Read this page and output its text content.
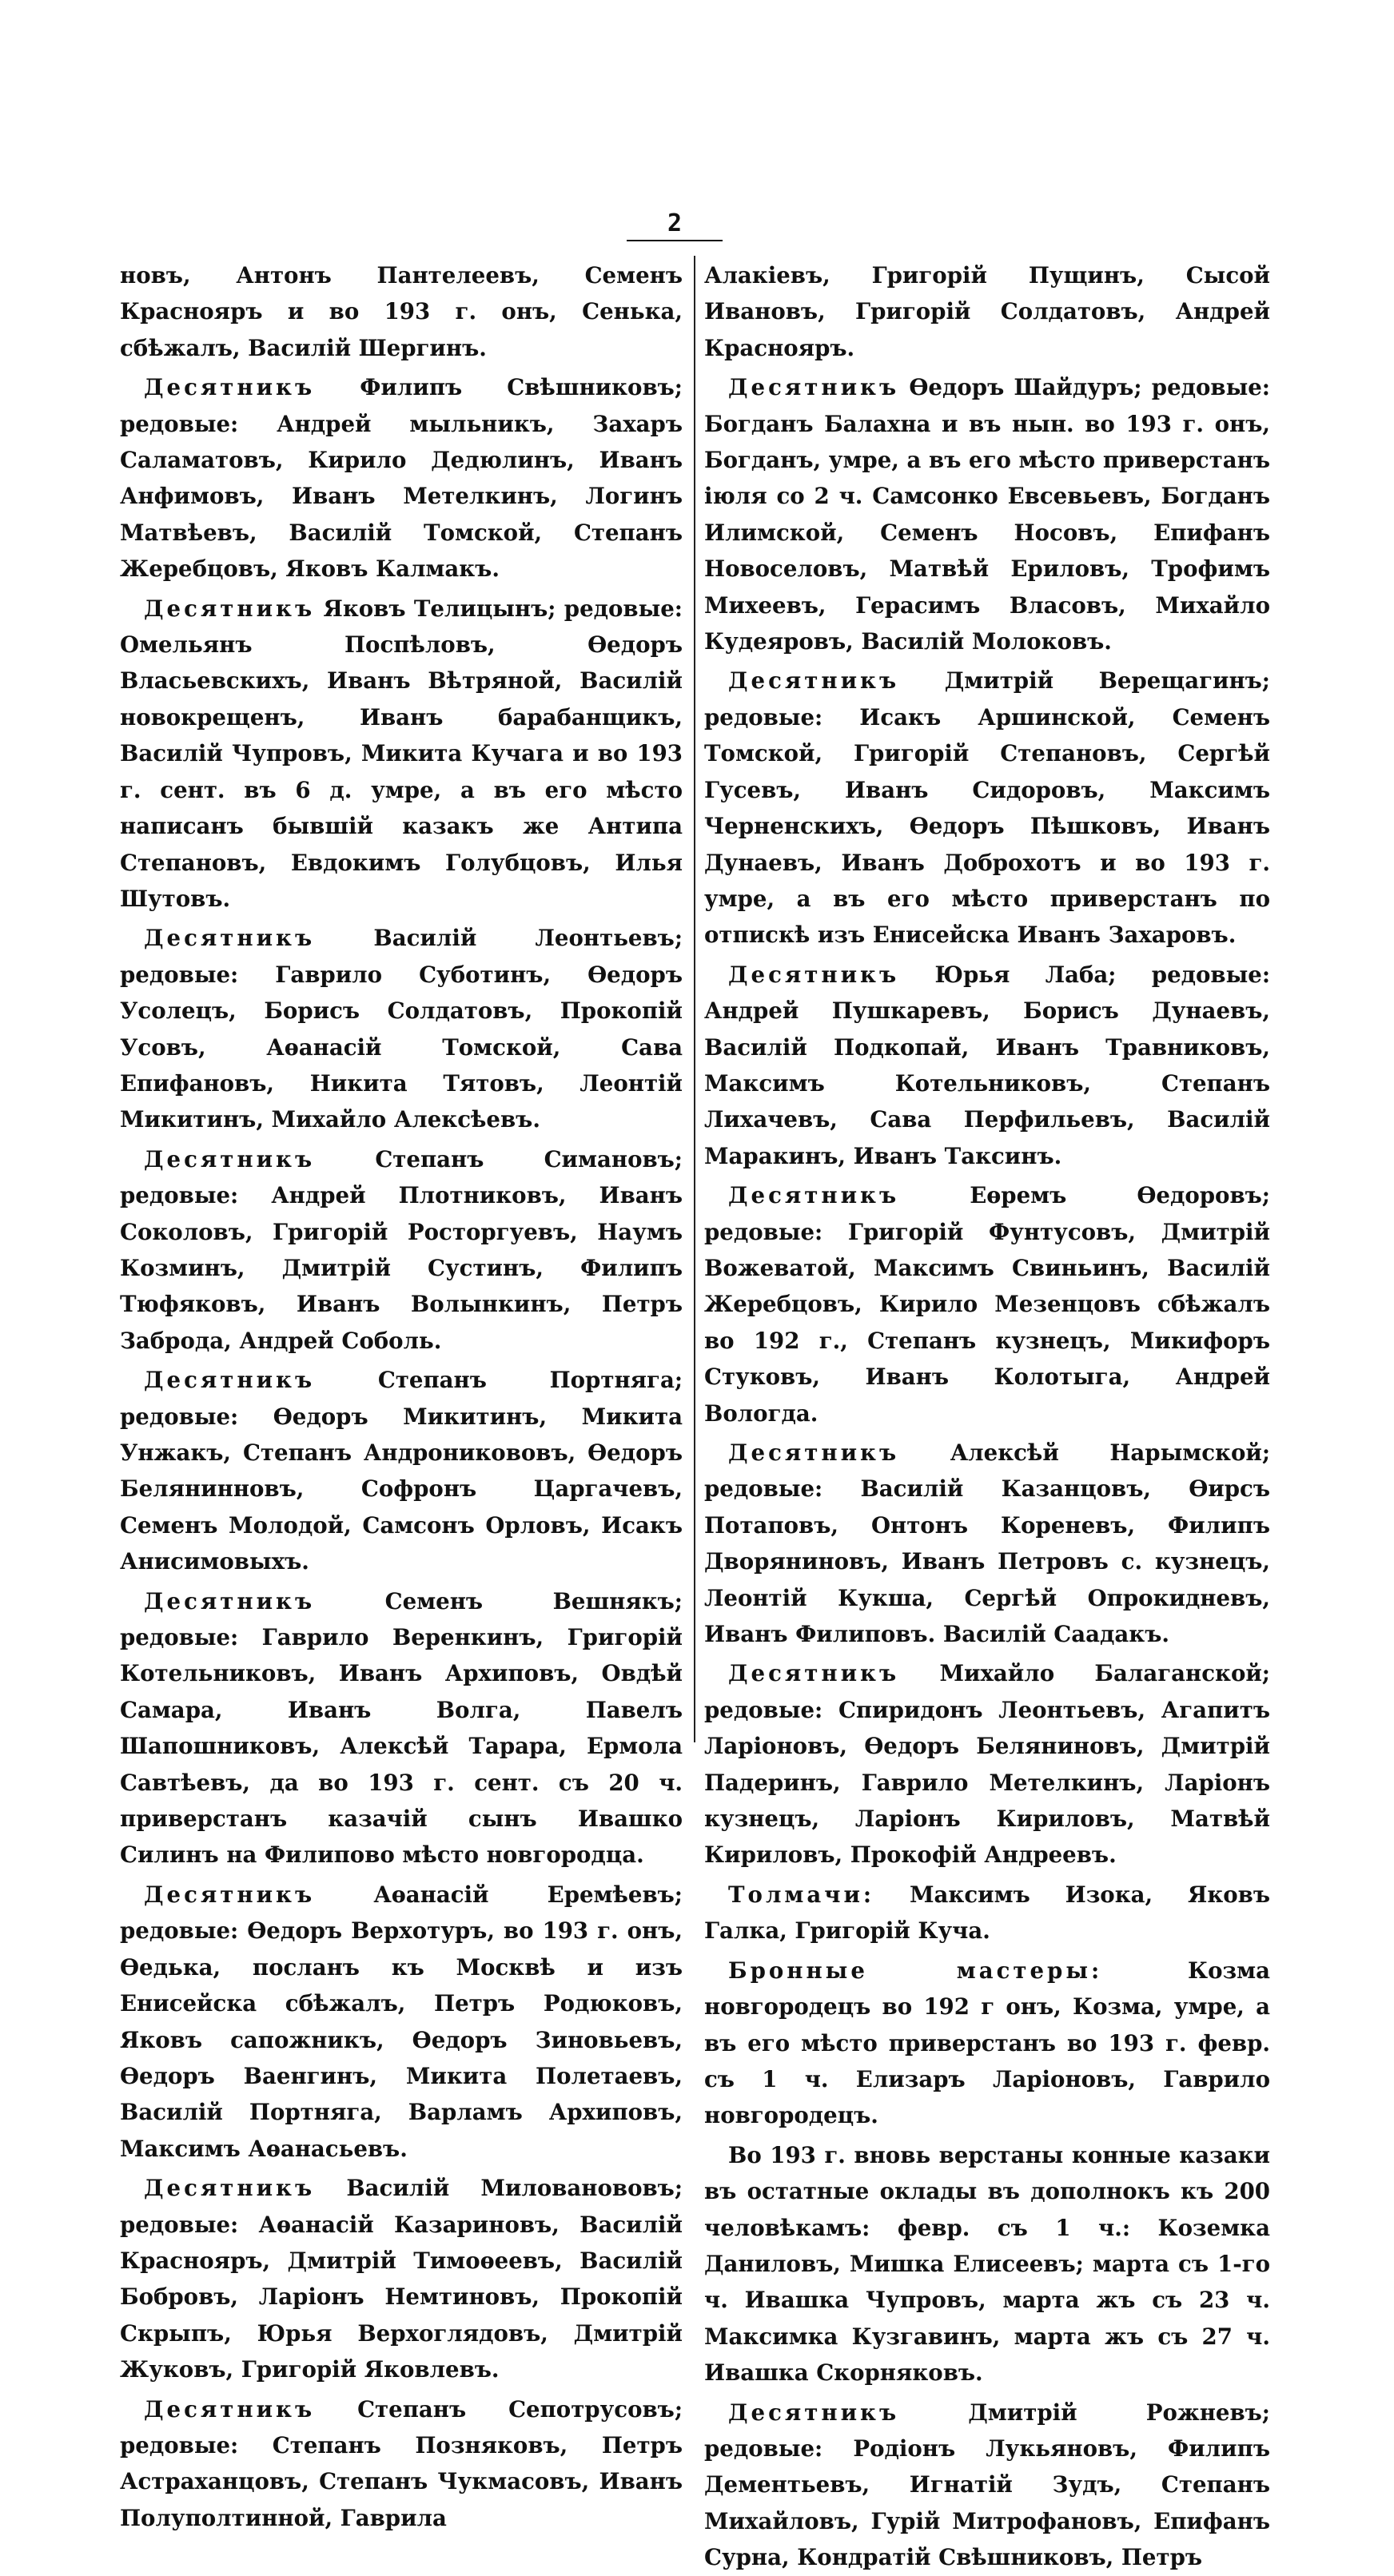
2

новъ, Антонъ Пантелеевъ, Семенъ Краснояръ и во 193 г. онъ, Сенька, сбѣжалъ, Василій Шергинъ.

Десятникъ Филипъ Свѣшниковъ; редовые: Андрей мыльникъ, Захаръ Саламатовъ, Кирило Дедюлинъ, Иванъ Анфимовъ, Иванъ Метелкинъ, Логинъ Матвѣевъ, Василій Томской, Степанъ Жеребцовъ, Яковъ Калмакъ.

Десятникъ Яковъ Телицынъ; редовые: Омельянъ Поспѣловъ, Ѳедоръ Власьевскихъ, Иванъ Вѣтряной, Василій новокрещенъ, Иванъ барабанщикъ, Василій Чупровъ, Микита Кучага и во 193 г. сент. въ 6 д. умре, а въ его мѣсто написанъ бывшій казакъ же Антипа Степановъ, Евдокимъ Голубцовъ, Илья Шутовъ.

Десятникъ	Василій Леонтьевъ; редовые: Гаврило Суботинъ, Ѳедоръ Усолецъ, Борисъ Солдатовъ, Прокопій Усовъ, Аѳанасій Томской, Сава Епифановъ, Никита Тятовъ, Леонтій Микитинъ, Михайло Алексѣевъ.

Десятникъ	Степанъ Симановъ; редовые: Андрей Плотниковъ, Иванъ Соколовъ, Григорій Росторгуевъ, Наумъ Козминъ, Дмитрій Сустинъ, Филипъ Тюфяковъ, Иванъ Волынкинъ, Петръ Заброда, Андрей Соболь.

Десятникъ	Степанъ Портняга; редовые: Ѳедоръ Микитинъ, Микита Унжакъ, Степанъ Андроникововъ, Ѳедоръ Белянинновъ, Софронъ Царгачевъ, Семенъ Молодой, Самсонъ Орловъ, Исакъ Анисимовыхъ.

Десятникъ	Семенъ Вешнякъ; редовые: Гаврило Веренкинъ, Григорій Котельниковъ, Иванъ Архиповъ, Овдѣй Самара, Иванъ Волга, Павелъ Шапошниковъ, Алексѣй Тарара, Ермола Савтѣевъ, да во 193 г. сент. съ 20 ч. приверстанъ казачій сынъ Ивашко Силинъ на Филипово мѣсто новгородца.

Десятникъ	Аѳанасій Еремѣевъ; редовые: Ѳедоръ Верхотуръ, во 193 г. онъ, Ѳедька, посланъ къ Москвѣ и изъ Енисейска сбѣжалъ, Петръ Родюковъ, Яковъ сапожникъ, Ѳедоръ Зиновьевъ, Ѳедоръ Ваенгинъ, Микита Полетаевъ, Василій Портняга, Варламъ Архиповъ, Максимъ Аѳанасьевъ.

Десятникъ Василій Милованововъ; редовые: Аѳанасій Казариновъ, Василій Краснояръ, Дмитрій Тимоѳеевъ, Василій Бобровъ, Ларіонъ Немтиновъ, Прокопій Скрыпъ, Юрья Верхоглядовъ, Дмитрій Жуковъ, Григорій Яковлевъ.

Десятникъ Степанъ Сепотрусовъ; редовые: Степанъ Позняковъ, Петръ Астраханцовъ, Степанъ Чукмасовъ, Иванъ Полуполтинной, Гаврила

Алакіевъ, Григорій Пущинъ, Сысой Ивановъ, Григорій Солдатовъ, Андрей Краснояръ.

Десятникъ Ѳедоръ Шайдуръ; редовые: Богданъ Балахна и въ нын. во 193 г. онъ, Богданъ, умре, а въ его мѣсто приверстанъ іюля со 2 ч. Самсонко Евсевьевъ, Богданъ Илимской, Семенъ Носовъ, Епифанъ Новоселовъ, Матвѣй Ериловъ, Трофимъ Михеевъ, Герасимъ Власовъ, Михайло Кудеяровъ, Василій Молоковъ.

Десятникъ Дмитрій Верещагинъ; редовые: Исакъ Аршинской, Семенъ Томской, Григорій Степановъ, Сергѣй Гусевъ, Иванъ Сидоровъ, Максимъ Черненскихъ, Ѳедоръ Пѣшковъ, Иванъ Дунаевъ, Иванъ Доброхотъ и во 193 г. умре, а въ его мѣсто приверстанъ по отпискѣ изъ Енисейска Иванъ Захаровъ.

Десятникъ Юрья Лаба; редовые: Андрей Пушкаревъ, Борисъ Дунаевъ, Василій Подкопай, Иванъ Травниковъ, Максимъ Котельниковъ, Степанъ Лихачевъ, Сава Перфильевъ, Василій Маракинъ, Иванъ Таксинъ.

Десятникъ	Еѳремъ Ѳедоровъ; редовые: Григорій Фунтусовъ, Дмитрій Вожеватой, Максимъ Свиньинъ, Василій Жеребцовъ, Кирило Мезенцовъ сбѣжалъ во 192 г., Степанъ кузнецъ, Микифоръ Стуковъ, Иванъ Колотыга, Андрей Вологда.

Десятникъ Алексѣй Нарымской; редовые: Василій Казанцовъ, Ѳирсъ Потаповъ, Онтонъ Кореневъ, Филипъ Дворяниновъ, Иванъ Петровъ с. кузнецъ, Леонтій Кукша, Сергѣй Опрокидневъ, Иванъ Филиповъ. Василій Саадакъ.

Десятникъ Михайло Балаганской; редовые: Спиридонъ Леонтьевъ, Агапитъ Ларіоновъ, Ѳедоръ Беляниновъ, Дмитрій Падеринъ, Гаврило Метелкинъ, Ларіонъ кузнецъ, Ларіонъ Кириловъ, Матвѣй Кириловъ, Прокофій Андреевъ.

Толмачи: Максимъ Изока, Яковъ Галка, Григорій Куча.

Бронные мастеры:	Козма новгородецъ во 192 г онъ, Козма, умре, а въ его мѣсто приверстанъ во 193 г. февр. съ 1 ч. Елизаръ Ларіоновъ, Гаврило новгородецъ.

Во 193 г. вновь верстаны конные казаки въ остатные оклады въ дополнокъ къ 200 человѣкамъ: февр. съ 1 ч.: Коземка Даниловъ, Мишка Елисеевъ; марта съ 1-го ч. Ивашка Чупровъ, марта жъ съ 23 ч. Максимка Кузгавинъ, марта жъ съ 27 ч. Ивашка Скорняковъ.

Десятникъ	Дмитрій Рожневъ; редовые: Родіонъ Лукьяновъ, Филипъ Дементьевъ, Игнатій Зудъ, Степанъ Михайловъ, Гурій Митрофановъ, Епифанъ Сурна, Кондратій Свѣшниковъ, Петръ
